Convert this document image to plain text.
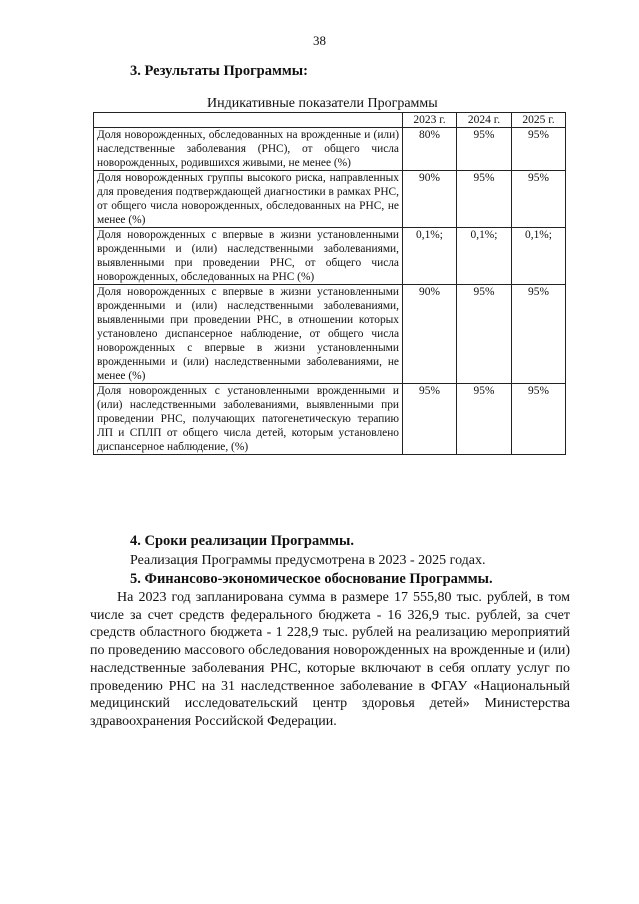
38
3. Результаты Программы:
Индикативные показатели Программы
	2023 г.	2024 г.	2025 г.
Доля новорожденных, обследованных на врожденные и (или) наследственные заболевания (РНС), от общего числа новорожденных, родившихся живыми, не менее (%)	80%	95%	95%
Доля новорожденных группы высокого риска, направленных для проведения подтверждающей диагностики в рамках РНС, от общего числа новорожденных, обследованных на РНС, не менее (%)	90%	95%	95%
Доля новорожденных с впервые в жизни установленными врожденными и (или) наследственными заболеваниями, выявленными при проведении РНС, от общего числа новорожденных, обследованных на РНС (%)	0,1%;	0,1%;	0,1%;
Доля новорожденных с впервые в жизни установленными врожденными и (или) наследственными заболеваниями, выявленными при проведении РНС, в отношении которых установлено диспансерное наблюдение, от общего числа новорожденных с впервые в жизни установленными врожденными и (или) наследственными заболеваниями, не менее (%)	90%	95%	95%
Доля новорожденных с установленными врожденными и (или) наследственными заболеваниями, выявленными при проведении РНС, получающих патогенетическую терапию ЛП и СПЛП от общего числа детей, которым установлено диспансерное наблюдение, (%)	95%	95%	95%
4. Сроки реализации Программы.
Реализация Программы предусмотрена в 2023 - 2025 годах.
5. Финансово-экономическое обоснование Программы.
На 2023 год запланирована сумма в размере 17 555,80 тыс. рублей, в том числе за счет средств федерального бюджета - 16 326,9 тыс. рублей, за счет средств областного бюджета - 1 228,9 тыс. рублей на реализацию мероприятий по проведению массового обследования новорожденных на врожденные и (или) наследственные заболевания РНС, которые включают в себя оплату услуг по проведению РНС на 31 наследственное заболевание в ФГАУ «Национальный медицинский исследовательский центр здоровья детей» Министерства здравоохранения Российской Федерации.
